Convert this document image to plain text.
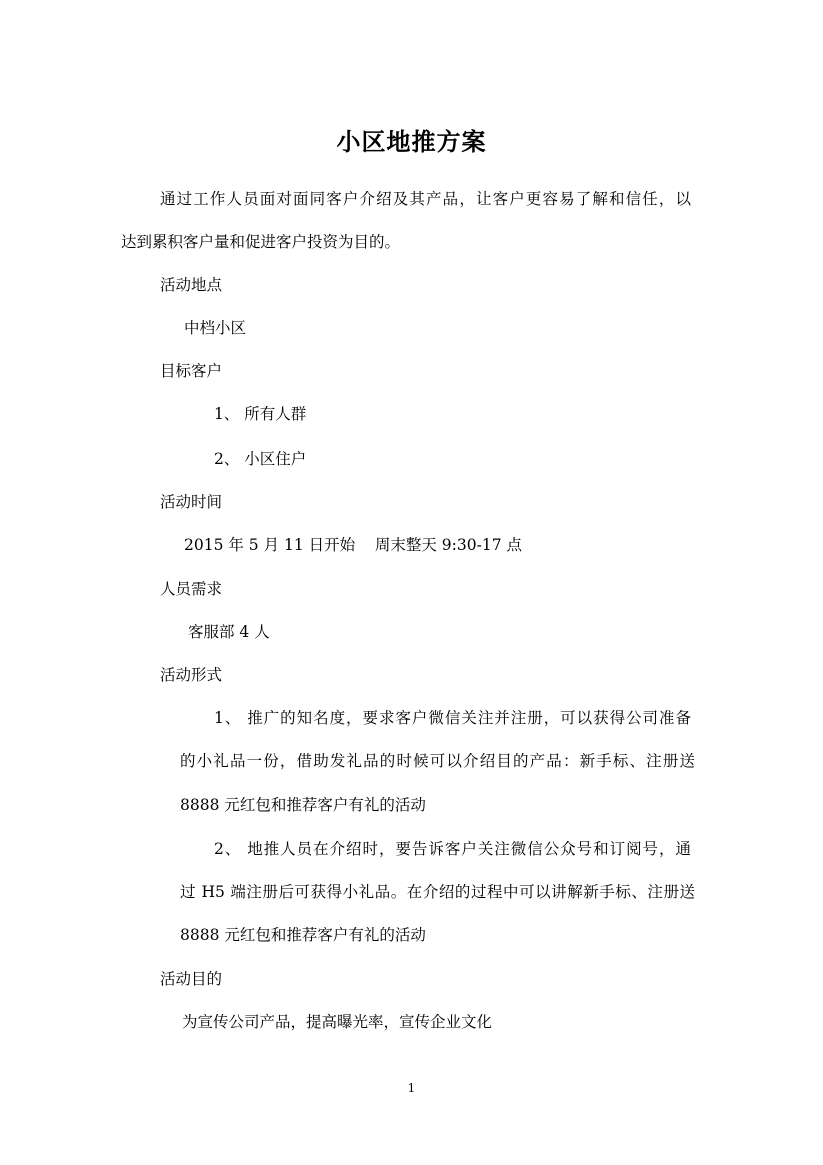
小区地推方案
通过工作人员面对面同客户介绍及其产品，让客户更容易了解和信任，以
达到累积客户量和促进客户投资为目的。
活动地点
中档小区
目标客户
1、 所有人群
2、 小区住户
活动时间
2015 年 5 月 11 日开始    周末整天 9:30-17 点
人员需求
客服部 4 人
活动形式
1、 推广的知名度，要求客户微信关注并注册，可以获得公司准备
的小礼品一份，借助发礼品的时候可以介绍目的产品：新手标、注册送
8888 元红包和推荐客户有礼的活动
2、 地推人员在介绍时，要告诉客户关注微信公众号和订阅号，通
过 H5 端注册后可获得小礼品。在介绍的过程中可以讲解新手标、注册送
8888 元红包和推荐客户有礼的活动
活动目的
为宣传公司产品，提高曝光率，宣传企业文化
1
